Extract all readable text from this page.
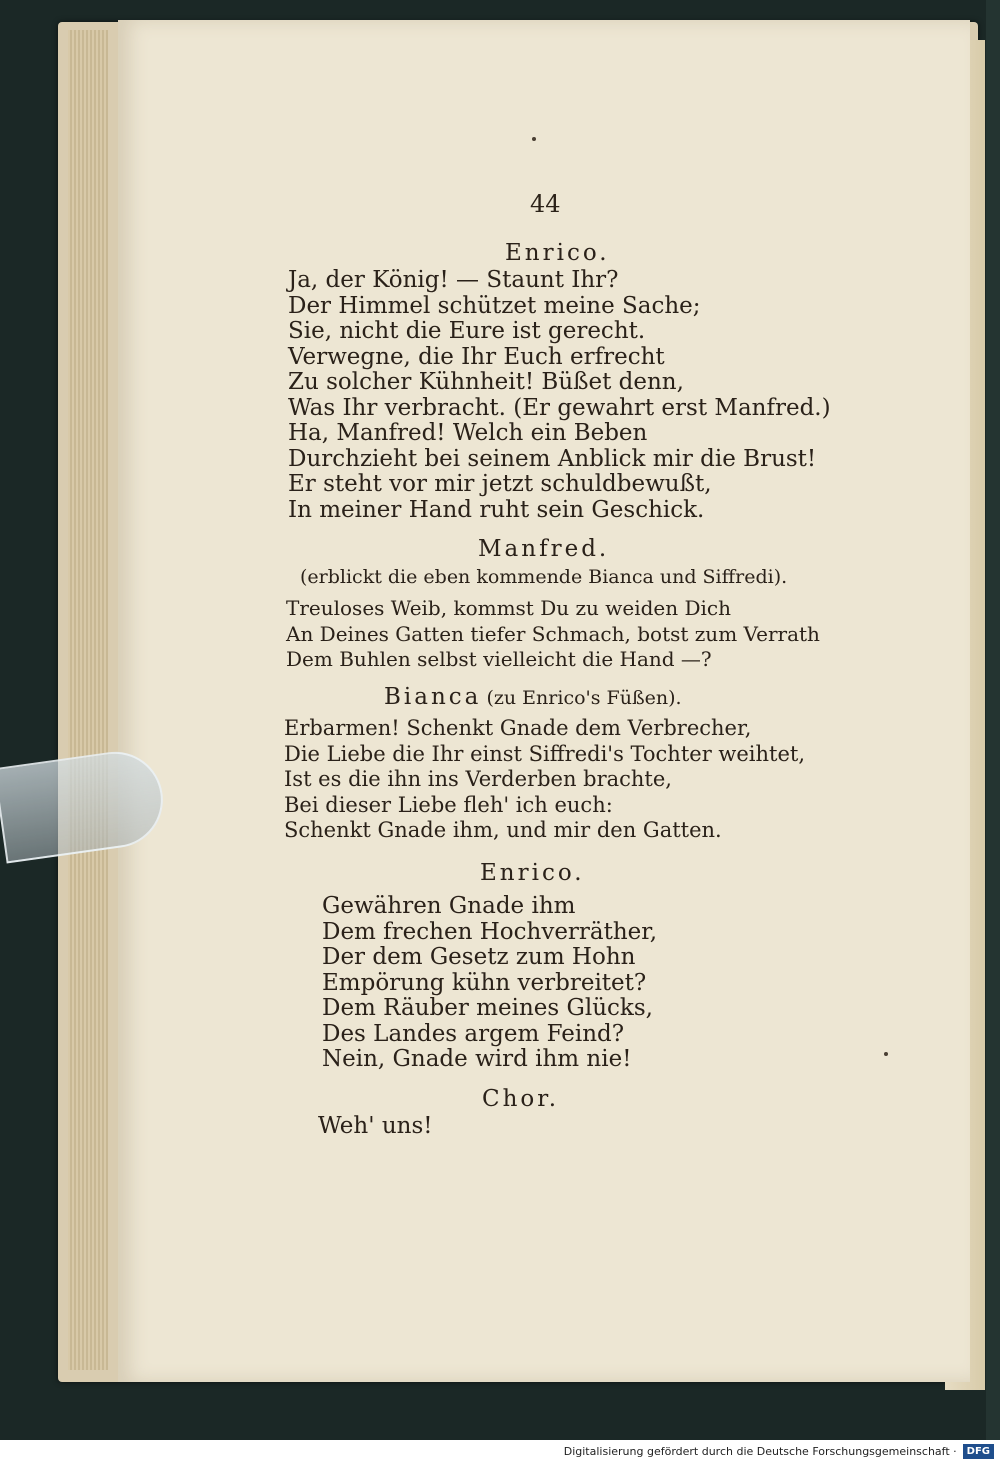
44
Enrico.
Ja, der König! — Staunt Ihr?
Der Himmel schützet meine Sache;
Sie, nicht die Eure ist gerecht.
Verwegne, die Ihr Euch erfrecht
Zu solcher Kühnheit! Büßet denn,
Was Ihr verbracht. (Er gewahrt erst Manfred.)
Ha, Manfred! Welch ein Beben
Durchzieht bei seinem Anblick mir die Brust!
Er steht vor mir jetzt schuldbewußt,
In meiner Hand ruht sein Geschick.
Manfred.
(erblickt die eben kommende Bianca und Siffredi).
Treuloses Weib, kommst Du zu weiden Dich
An Deines Gatten tiefer Schmach, botst zum Verrath
Dem Buhlen selbst vielleicht die Hand —?
Bianca (zu Enrico's Füßen).
Erbarmen! Schenkt Gnade dem Verbrecher,
Die Liebe die Ihr einst Siffredi's Tochter weihtet,
Ist es die ihn ins Verderben brachte,
Bei dieser Liebe fleh' ich euch:
Schenkt Gnade ihm, und mir den Gatten.
Enrico.
Gewähren Gnade ihm
Dem frechen Hochverräther,
Der dem Gesetz zum Hohn
Empörung kühn verbreitet?
Dem Räuber meines Glücks,
Des Landes argem Feind?
Nein, Gnade wird ihm nie!
Chor.
Weh' uns!
Digitalisierung gefördert durch die Deutsche Forschungsgemeinschaft ·	DFG
